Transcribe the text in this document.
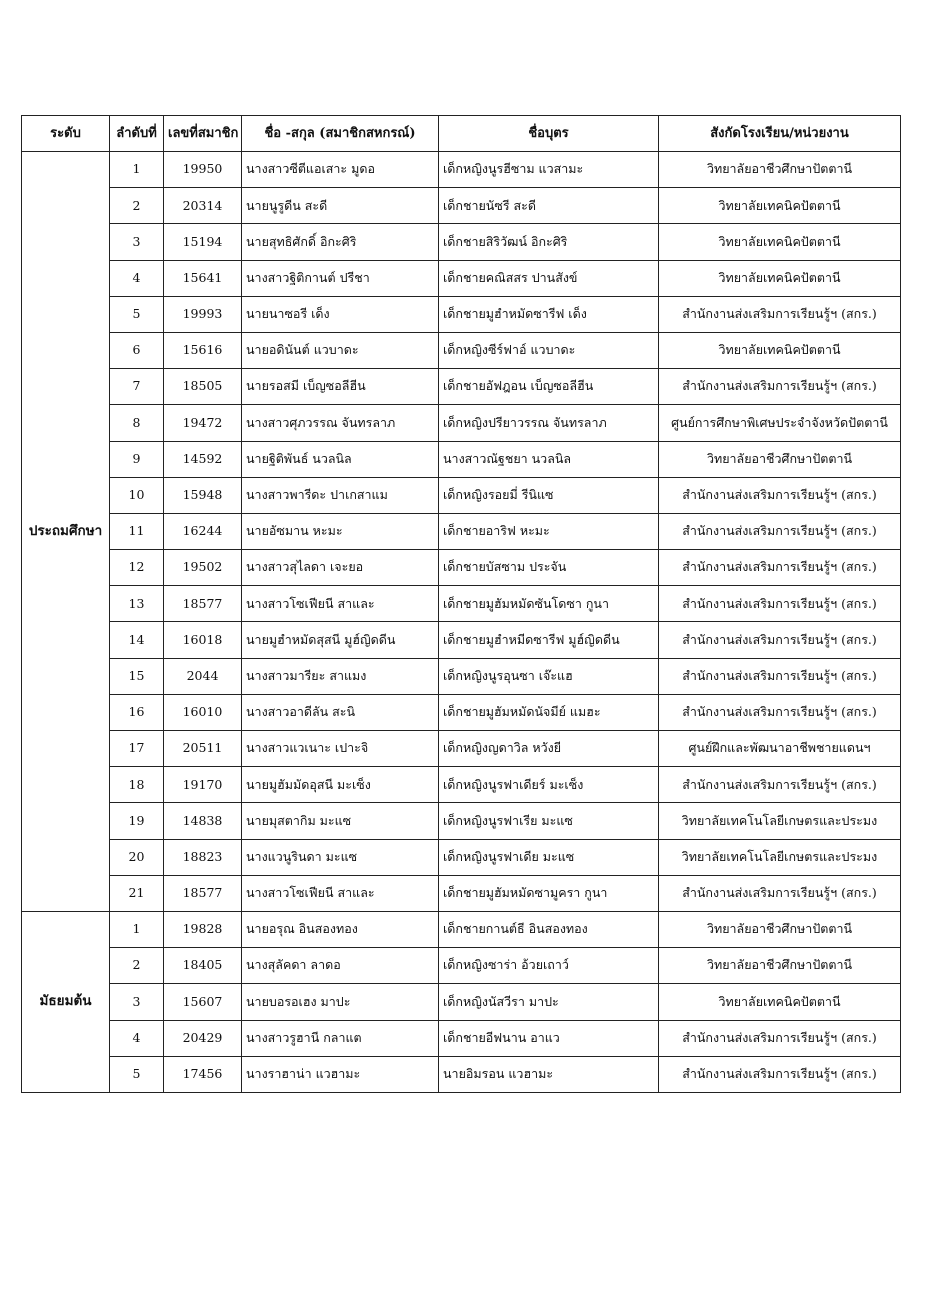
ระดับ	ลำดับที่	เลขที่สมาชิก	ชื่อ -สกุล (สมาชิกสหกรณ์)	ชื่อบุตร	สังกัดโรงเรียน/หน่วยงาน
ประถมศึกษา	1	19950	นางสาวซีตีแอเสาะ มูดอ	เด็กหญิงนูรฮีซาม แวสามะ	วิทยาลัยอาชีวศึกษาปัตตานี
	2	20314	นายนูรูดีน สะดี	เด็กชายนัซรี สะดี	วิทยาลัยเทคนิคปัตตานี
	3	15194	นายสุทธิศักดิ์ อิกะศิริ	เด็กชายสิริวัฒน์ อิกะศิริ	วิทยาลัยเทคนิคปัตตานี
	4	15641	นางสาวฐิติกานต์ ปรีชา	เด็กชายคณิสสร ปานสังข์	วิทยาลัยเทคนิคปัตตานี
	5	19993	นายนาซอรี เด็ง	เด็กชายมูฮำหมัดซารีฟ เด็ง	สำนักงานส่งเสริมการเรียนรู้ฯ (สกร.)
	6	15616	นายอดินันต์ แวบาดะ	เด็กหญิงซีร์ฟาอ์ แวบาดะ	วิทยาลัยเทคนิคปัตตานี
	7	18505	นายรอสมี เบ็ญซอลีฮีน	เด็กชายอัฟฎอน เบ็ญซอลีฮีน	สำนักงานส่งเสริมการเรียนรู้ฯ (สกร.)
	8	19472	นางสาวศุภวรรณ จันทรลาภ	เด็กหญิงปรียาวรรณ จันทรลาภ	ศูนย์การศึกษาพิเศษประจำจังหวัดปัตตานี
	9	14592	นายฐิติพันธ์ นวลนิล	นางสาวณัฐชยา นวลนิล	วิทยาลัยอาชีวศึกษาปัตตานี
	10	15948	นางสาวพารีดะ ปาเกสาแม	เด็กหญิงรอยมี่ รีนิแซ	สำนักงานส่งเสริมการเรียนรู้ฯ (สกร.)
	11	16244	นายอัซมาน หะมะ	เด็กชายอาริฟ หะมะ	สำนักงานส่งเสริมการเรียนรู้ฯ (สกร.)
	12	19502	นางสาวสุไลดา เจะยอ	เด็กชายบัสซาม ประจัน	สำนักงานส่งเสริมการเรียนรู้ฯ (สกร.)
	13	18577	นางสาวโซเฟียนี สาและ	เด็กชายมูฮัมหมัดซันโดซา กูนา	สำนักงานส่งเสริมการเรียนรู้ฯ (สกร.)
	14	16018	นายมูฮำหมัดสุสนี มูฮ์ญิดดีน	เด็กชายมูฮำหมีดซารีฟ มูฮ์ญิดดีน	สำนักงานส่งเสริมการเรียนรู้ฯ (สกร.)
	15	2044	นางสาวมารียะ สาแมง	เด็กหญิงนูรอุนซา เจ๊ะแฮ	สำนักงานส่งเสริมการเรียนรู้ฯ (สกร.)
	16	16010	นางสาวอาดีลัน สะนิ	เด็กชายมูฮัมหมัดนัจมีย์ แมฮะ	สำนักงานส่งเสริมการเรียนรู้ฯ (สกร.)
	17	20511	นางสาวแวเนาะ เปาะจิ	เด็กหญิงญดาวิล หวังยี	ศูนย์ฝึกและพัฒนาอาชีพชายแดนฯ
	18	19170	นายมูฮัมมัดอุสนี มะเซ็ง	เด็กหญิงนูรฟาเดียร์ มะเซ็ง	สำนักงานส่งเสริมการเรียนรู้ฯ (สกร.)
	19	14838	นายมุสตากิม มะแซ	เด็กหญิงนูรฟาเรีย มะแซ	วิทยาลัยเทคโนโลยีเกษตรและประมง
	20	18823	นางแวนูรินดา มะแซ	เด็กหญิงนูรฟาเดีย มะแซ	วิทยาลัยเทคโนโลยีเกษตรและประมง
	21	18577	นางสาวโซเฟียนี สาและ	เด็กชายมูฮัมหมัดซามูครา กูนา	สำนักงานส่งเสริมการเรียนรู้ฯ (สกร.)
มัธยมต้น	1	19828	นายอรุณ อินสองทอง	เด็กชายกานต์ธี อินสองทอง	วิทยาลัยอาชีวศึกษาปัตตานี
	2	18405	นางสุลัคดา ลาดอ	เด็กหญิงซาร่า อ้วยเถาว์	วิทยาลัยอาชีวศึกษาปัตตานี
	3	15607	นายบอรอเฮง มาปะ	เด็กหญิงนัสวีรา มาปะ	วิทยาลัยเทคนิคปัตตานี
	4	20429	นางสาวรูฮานี กลาแต	เด็กชายอีฟนาน อาแว	สำนักงานส่งเสริมการเรียนรู้ฯ (สกร.)
	5	17456	นางราฮาน่า แวฮามะ	นายอิมรอน แวฮามะ	สำนักงานส่งเสริมการเรียนรู้ฯ (สกร.)
